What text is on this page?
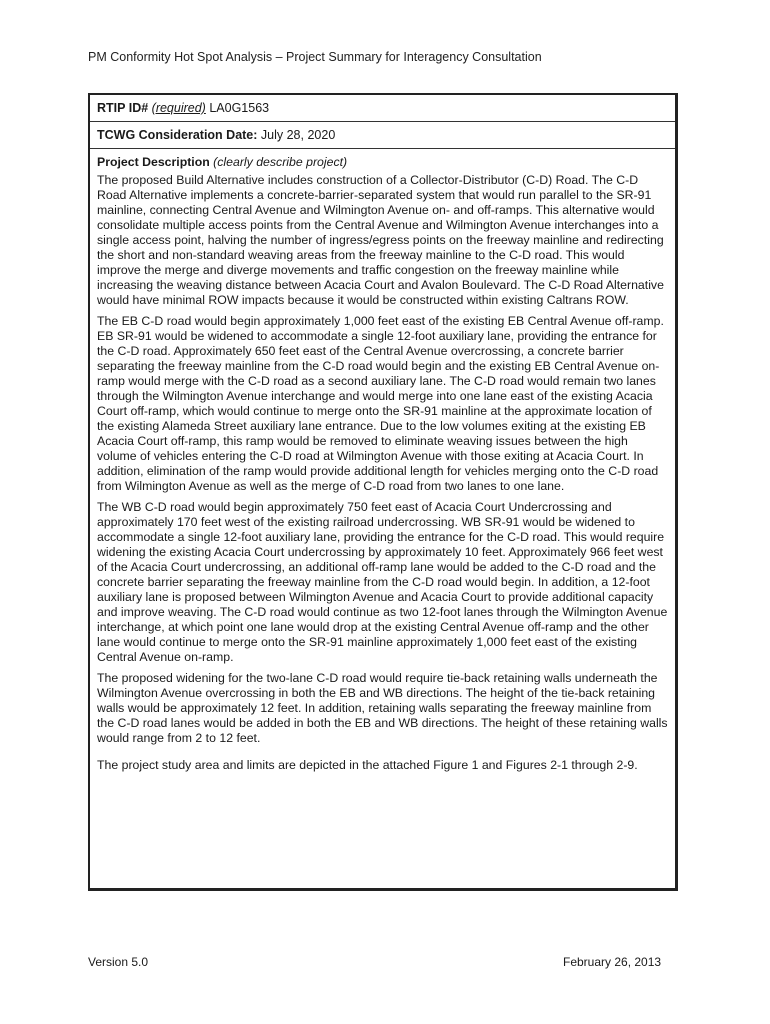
PM Conformity Hot Spot Analysis – Project Summary for Interagency Consultation
RTIP ID# (required) LA0G1563
TCWG Consideration Date: July 28, 2020
Project Description (clearly describe project)

The proposed Build Alternative includes construction of a Collector-Distributor (C-D) Road. The C-D Road Alternative implements a concrete-barrier-separated system that would run parallel to the SR-91 mainline, connecting Central Avenue and Wilmington Avenue on- and off-ramps. This alternative would consolidate multiple access points from the Central Avenue and Wilmington Avenue interchanges into a single access point, halving the number of ingress/egress points on the freeway mainline and redirecting the short and non-standard weaving areas from the freeway mainline to the C-D road. This would improve the merge and diverge movements and traffic congestion on the freeway mainline while increasing the weaving distance between Acacia Court and Avalon Boulevard. The C-D Road Alternative would have minimal ROW impacts because it would be constructed within existing Caltrans ROW.

The EB C-D road would begin approximately 1,000 feet east of the existing EB Central Avenue off-ramp. EB SR-91 would be widened to accommodate a single 12-foot auxiliary lane, providing the entrance for the C-D road. Approximately 650 feet east of the Central Avenue overcrossing, a concrete barrier separating the freeway mainline from the C-D road would begin and the existing EB Central Avenue on-ramp would merge with the C-D road as a second auxiliary lane. The C-D road would remain two lanes through the Wilmington Avenue interchange and would merge into one lane east of the existing Acacia Court off-ramp, which would continue to merge onto the SR-91 mainline at the approximate location of the existing Alameda Street auxiliary lane entrance. Due to the low volumes exiting at the existing EB Acacia Court off-ramp, this ramp would be removed to eliminate weaving issues between the high volume of vehicles entering the C-D road at Wilmington Avenue with those exiting at Acacia Court. In addition, elimination of the ramp would provide additional length for vehicles merging onto the C-D road from Wilmington Avenue as well as the merge of C-D road from two lanes to one lane.

The WB C-D road would begin approximately 750 feet east of Acacia Court Undercrossing and approximately 170 feet west of the existing railroad undercrossing. WB SR-91 would be widened to accommodate a single 12-foot auxiliary lane, providing the entrance for the C-D road. This would require widening the existing Acacia Court undercrossing by approximately 10 feet. Approximately 966 feet west of the Acacia Court undercrossing, an additional off-ramp lane would be added to the C-D road and the concrete barrier separating the freeway mainline from the C-D road would begin. In addition, a 12-foot auxiliary lane is proposed between Wilmington Avenue and Acacia Court to provide additional capacity and improve weaving. The C-D road would continue as two 12-foot lanes through the Wilmington Avenue interchange, at which point one lane would drop at the existing Central Avenue off-ramp and the other lane would continue to merge onto the SR-91 mainline approximately 1,000 feet east of the existing Central Avenue on-ramp.

The proposed widening for the two-lane C-D road would require tie-back retaining walls underneath the Wilmington Avenue overcrossing in both the EB and WB directions. The height of the tie-back retaining walls would be approximately 12 feet. In addition, retaining walls separating the freeway mainline from the C-D road lanes would be added in both the EB and WB directions. The height of these retaining walls would range from 2 to 12 feet.

The project study area and limits are depicted in the attached Figure 1 and Figures 2-1 through 2-9.

Version 5.0	February 26, 2013
